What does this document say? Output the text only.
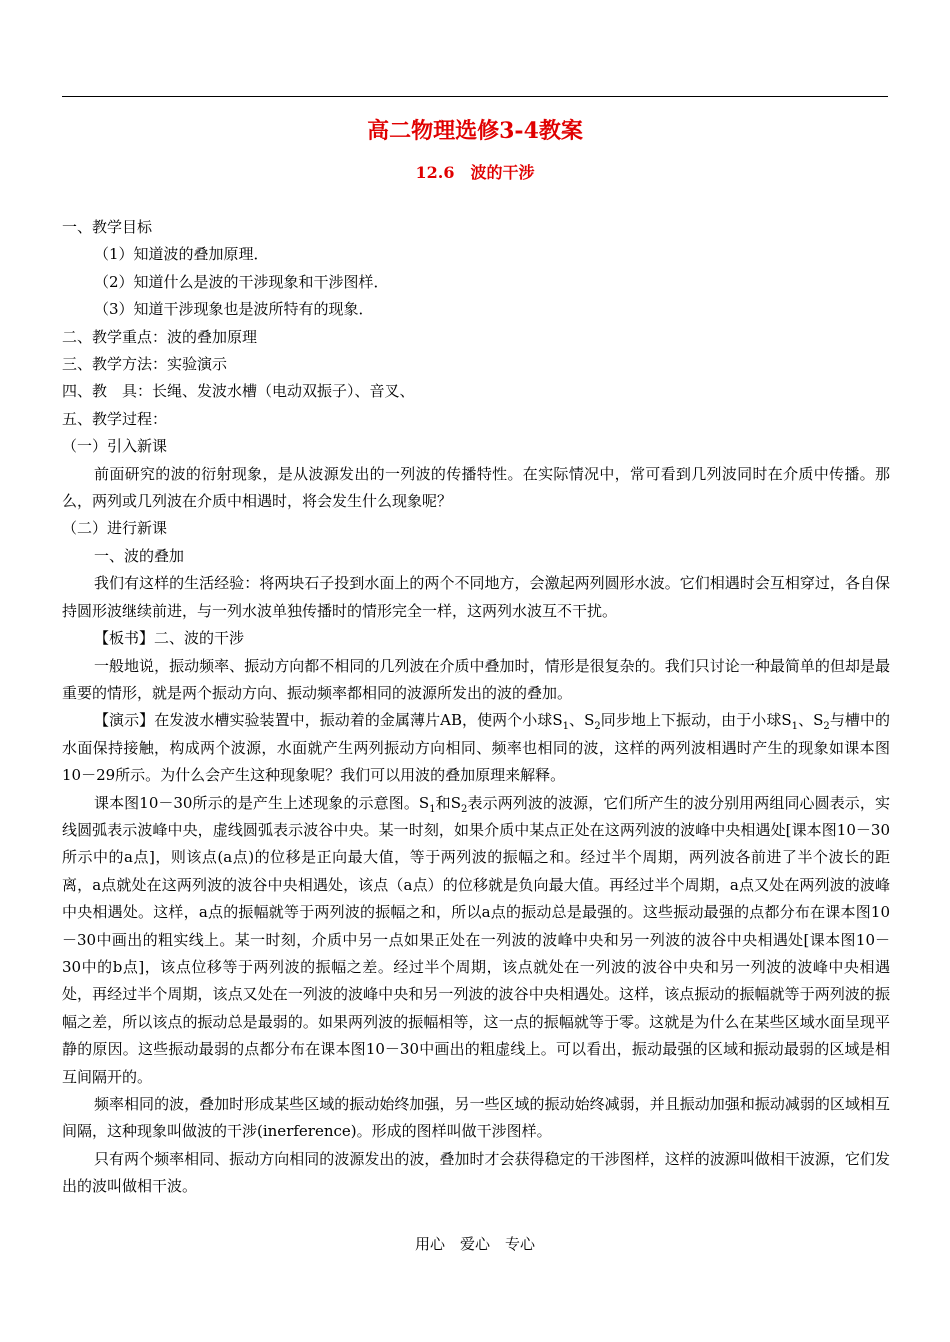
高二物理选修3-4教案
12.6　波的干涉

一、教学目标

（1）知道波的叠加原理．

（2）知道什么是波的干涉现象和干涉图样．

（3）知道干涉现象也是波所特有的现象．

二、教学重点：波的叠加原理

三、教学方法：实验演示

四、教　具：长绳、发波水槽（电动双振子）、音叉、

五、教学过程：

（一）引入新课

前面研究的波的衍射现象，是从波源发出的一列波的传播特性。在实际情况中，常可看到几列波同时在介质中传播。那么，两列或几列波在介质中相遇时，将会发生什么现象呢？

（二）进行新课

一、波的叠加

我们有这样的生活经验：将两块石子投到水面上的两个不同地方，会激起两列圆形水波。它们相遇时会互相穿过，各自保持圆形波继续前进，与一列水波单独传播时的情形完全一样，这两列水波互不干扰。

【板书】二、波的干涉

一般地说，振动频率、振动方向都不相同的几列波在介质中叠加时，情形是很复杂的。我们只讨论一种最简单的但却是最重要的情形，就是两个振动方向、振动频率都相同的波源所发出的波的叠加。

【演示】在发波水槽实验装置中，振动着的金属薄片AB，使两个小球$S_1$、$S_2$同步地上下振动，由于小球$S_1$、$S_2$与槽中的水面保持接触，构成两个波源，水面就产生两列振动方向相同、频率也相同的波，这样的两列波相遇时产生的现象如课本图10－29所示。为什么会产生这种现象呢？我们可以用波的叠加原理来解释。

课本图10－30所示的是产生上述现象的示意图。$S_1$和$S_2$表示两列波的波源，它们所产生的波分别用两组同心圆表示，实线圆弧表示波峰中央，虚线圆弧表示波谷中央。某一时刻，如果介质中某点正处在这两列波的波峰中央相遇处[课本图10－30所示中的a点]，则该点(a点)的位移是正向最大值，等于两列波的振幅之和。经过半个周期，两列波各前进了半个波长的距离，a点就处在这两列波的波谷中央相遇处，该点（a点）的位移就是负向最大值。再经过半个周期，a点又处在两列波的波峰中央相遇处。这样，a点的振幅就等于两列波的振幅之和，所以a点的振动总是最强的。这些振动最强的点都分布在课本图10－30中画出的粗实线上。某一时刻，介质中另一点如果正处在一列波的波峰中央和另一列波的波谷中央相遇处[课本图10－30中的b点]，该点位移等于两列波的振幅之差。经过半个周期，该点就处在一列波的波谷中央和另一列波的波峰中央相遇处，再经过半个周期，该点又处在一列波的波峰中央和另一列波的波谷中央相遇处。这样，该点振动的振幅就等于两列波的振幅之差，所以该点的振动总是最弱的。如果两列波的振幅相等，这一点的振幅就等于零。这就是为什么在某些区域水面呈现平静的原因。这些振动最弱的点都分布在课本图10－30中画出的粗虚线上。可以看出，振动最强的区域和振动最弱的区域是相互间隔开的。

频率相同的波，叠加时形成某些区域的振动始终加强，另一些区域的振动始终减弱，并且振动加强和振动减弱的区域相互间隔，这种现象叫做波的干涉(inerference)。形成的图样叫做干涉图样。

只有两个频率相同、振动方向相同的波源发出的波，叠加时才会获得稳定的干涉图样，这样的波源叫做相干波源，它们发出的波叫做相干波。

用心　爱心　专心
